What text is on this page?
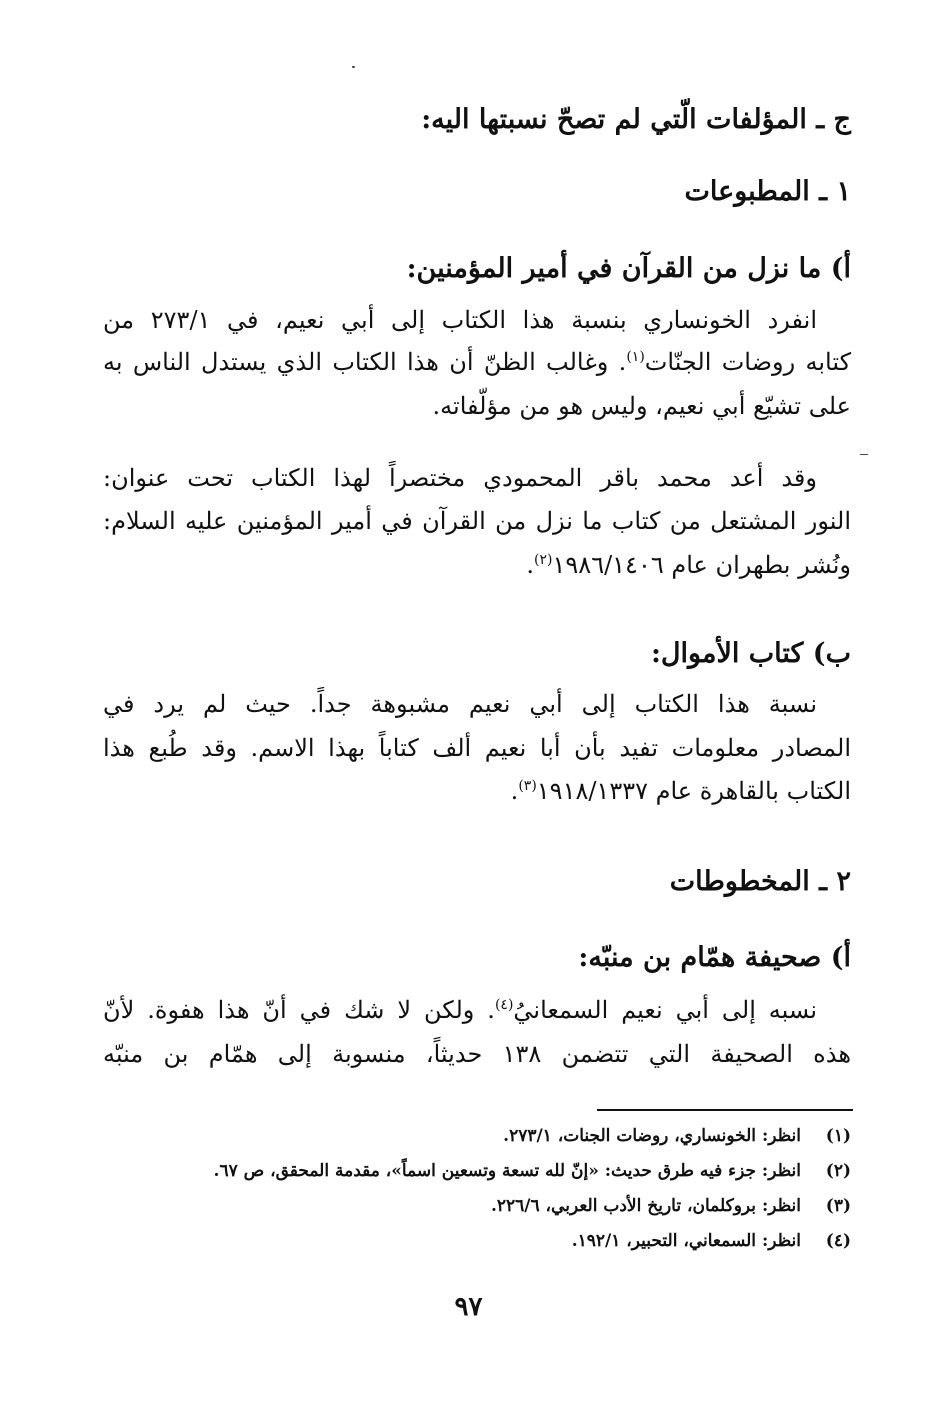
ج ـ المؤلفات الّتي لم تصحّ نسبتها اليه:
١ ـ المطبوعات
أ) ما نزل من القرآن في أمير المؤمنين:
انفرد الخونساري بنسبة هذا الكتاب إلى أبي نعيم، في ٢٧٣/١ من
كتابه روضات الجنّات$^{(١)}$. وغالب الظنّ أن هذا الكتاب الذي يستدل الناس به
على تشيّع أبي نعيم، وليس هو من مؤلّفاته.
وقد أعد محمد باقر المحمودي مختصراً لهذا الكتاب تحت عنوان:
النور المشتعل من كتاب ما نزل من القرآن في أمير المؤمنين عليه السلام:
ونُشر بطهران عام ١٩٨٦/١٤٠٦$^{(٢)}$.
ب) كتاب الأموال:
نسبة هذا الكتاب إلى أبي نعيم مشبوهة جداً. حيث لم يرد في
المصادر معلومات تفيد بأن أبا نعيم ألف كتاباً بهذا الاسم. وقد طُبع هذا
الكتاب بالقاهرة عام ١٩١٨/١٣٣٧$^{(٣)}$.
٢ ـ المخطوطات
أ) صحيفة همّام بن منبّه:
نسبه إلى أبي نعيم السمعانيُ$^{(٤)}$. ولكن لا شك في أنّ هذا هفوة. لأنّ
هذه الصحيفة التي تتضمن ١٣٨ حديثاً، منسوبة إلى همّام بن منبّه
(١)انظر: الخونساري، روضات الجنات، ٢٧٣/١.
(٢)انظر: جزء فيه طرق حديث: «إنّ لله تسعة وتسعين اسماً»، مقدمة المحقق، ص ٦٧.
(٣)انظر: بروكلمان، تاريخ الأدب العربي، ٢٢٦/٦.
(٤)انظر: السمعاني، التحبير، ١٩٢/١.
٩٧
